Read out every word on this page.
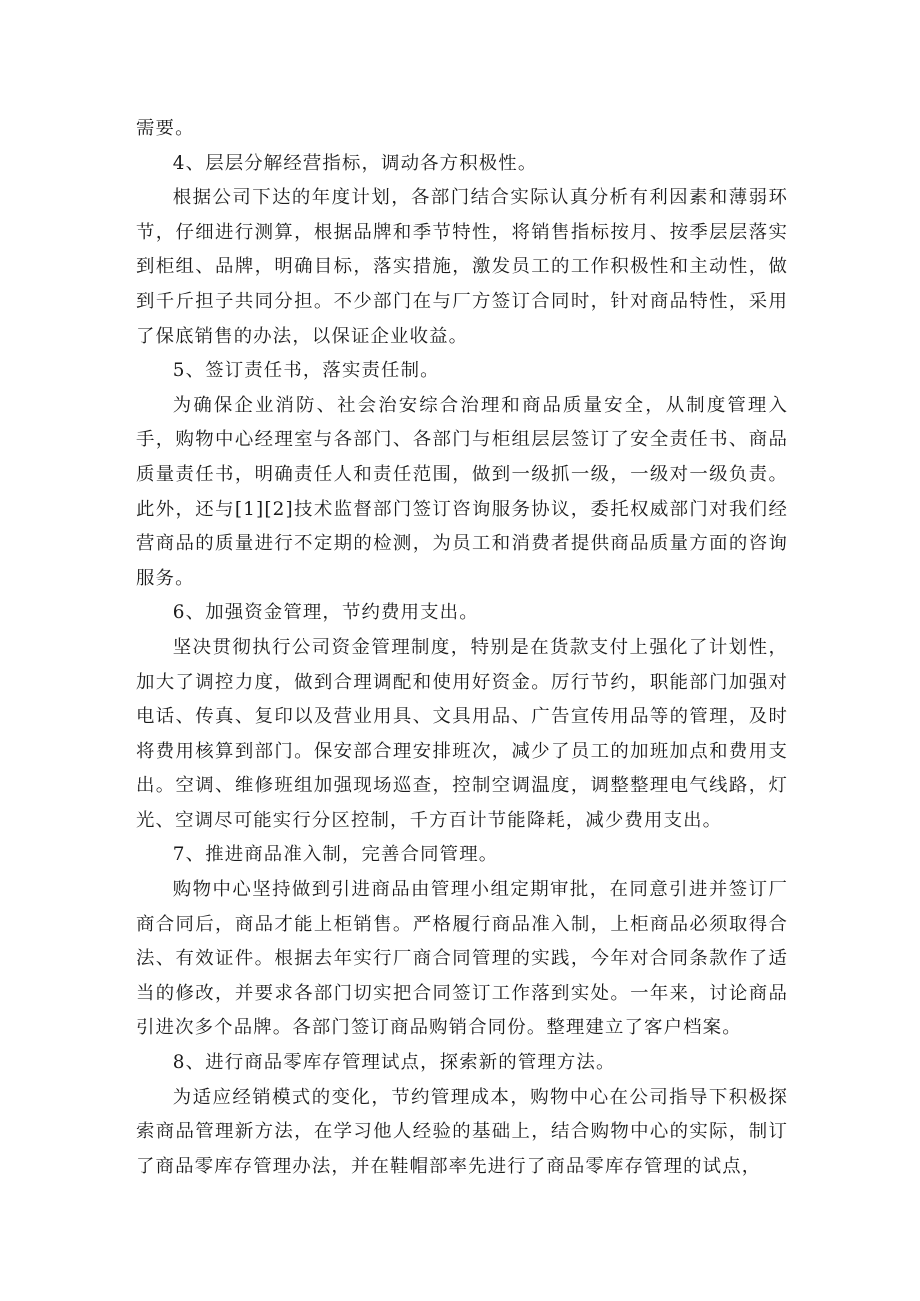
需要。

4、层层分解经营指标，调动各方积极性。

根据公司下达的年度计划，各部门结合实际认真分析有利因素和薄弱环节，仔细进行测算，根据品牌和季节特性，将销售指标按月、按季层层落实到柜组、品牌，明确目标，落实措施，激发员工的工作积极性和主动性，做到千斤担子共同分担。不少部门在与厂方签订合同时，针对商品特性，采用了保底销售的办法，以保证企业收益。

5、签订责任书，落实责任制。

为确保企业消防、社会治安综合治理和商品质量安全，从制度管理入手，购物中心经理室与各部门、各部门与柜组层层签订了安全责任书、商品质量责任书，明确责任人和责任范围，做到一级抓一级，一级对一级负责。此外，还与[1][2]技术监督部门签订咨询服务协议，委托权威部门对我们经营商品的质量进行不定期的检测，为员工和消费者提供商品质量方面的咨询服务。

6、加强资金管理，节约费用支出。

坚决贯彻执行公司资金管理制度，特别是在货款支付上强化了计划性，加大了调控力度，做到合理调配和使用好资金。厉行节约，职能部门加强对电话、传真、复印以及营业用具、文具用品、广告宣传用品等的管理，及时将费用核算到部门。保安部合理安排班次，减少了员工的加班加点和费用支出。空调、维修班组加强现场巡查，控制空调温度，调整整理电气线路，灯光、空调尽可能实行分区控制，千方百计节能降耗，减少费用支出。

7、推进商品准入制，完善合同管理。

购物中心坚持做到引进商品由管理小组定期审批，在同意引进并签订厂商合同后，商品才能上柜销售。严格履行商品准入制，上柜商品必须取得合法、有效证件。根据去年实行厂商合同管理的实践，今年对合同条款作了适当的修改，并要求各部门切实把合同签订工作落到实处。一年来，讨论商品引进次多个品牌。各部门签订商品购销合同份。整理建立了客户档案。

8、进行商品零库存管理试点，探索新的管理方法。

为适应经销模式的变化，节约管理成本，购物中心在公司指导下积极探索商品管理新方法，在学习他人经验的基础上，结合购物中心的实际，制订了商品零库存管理办法，并在鞋帽部率先进行了商品零库存管理的试点，
